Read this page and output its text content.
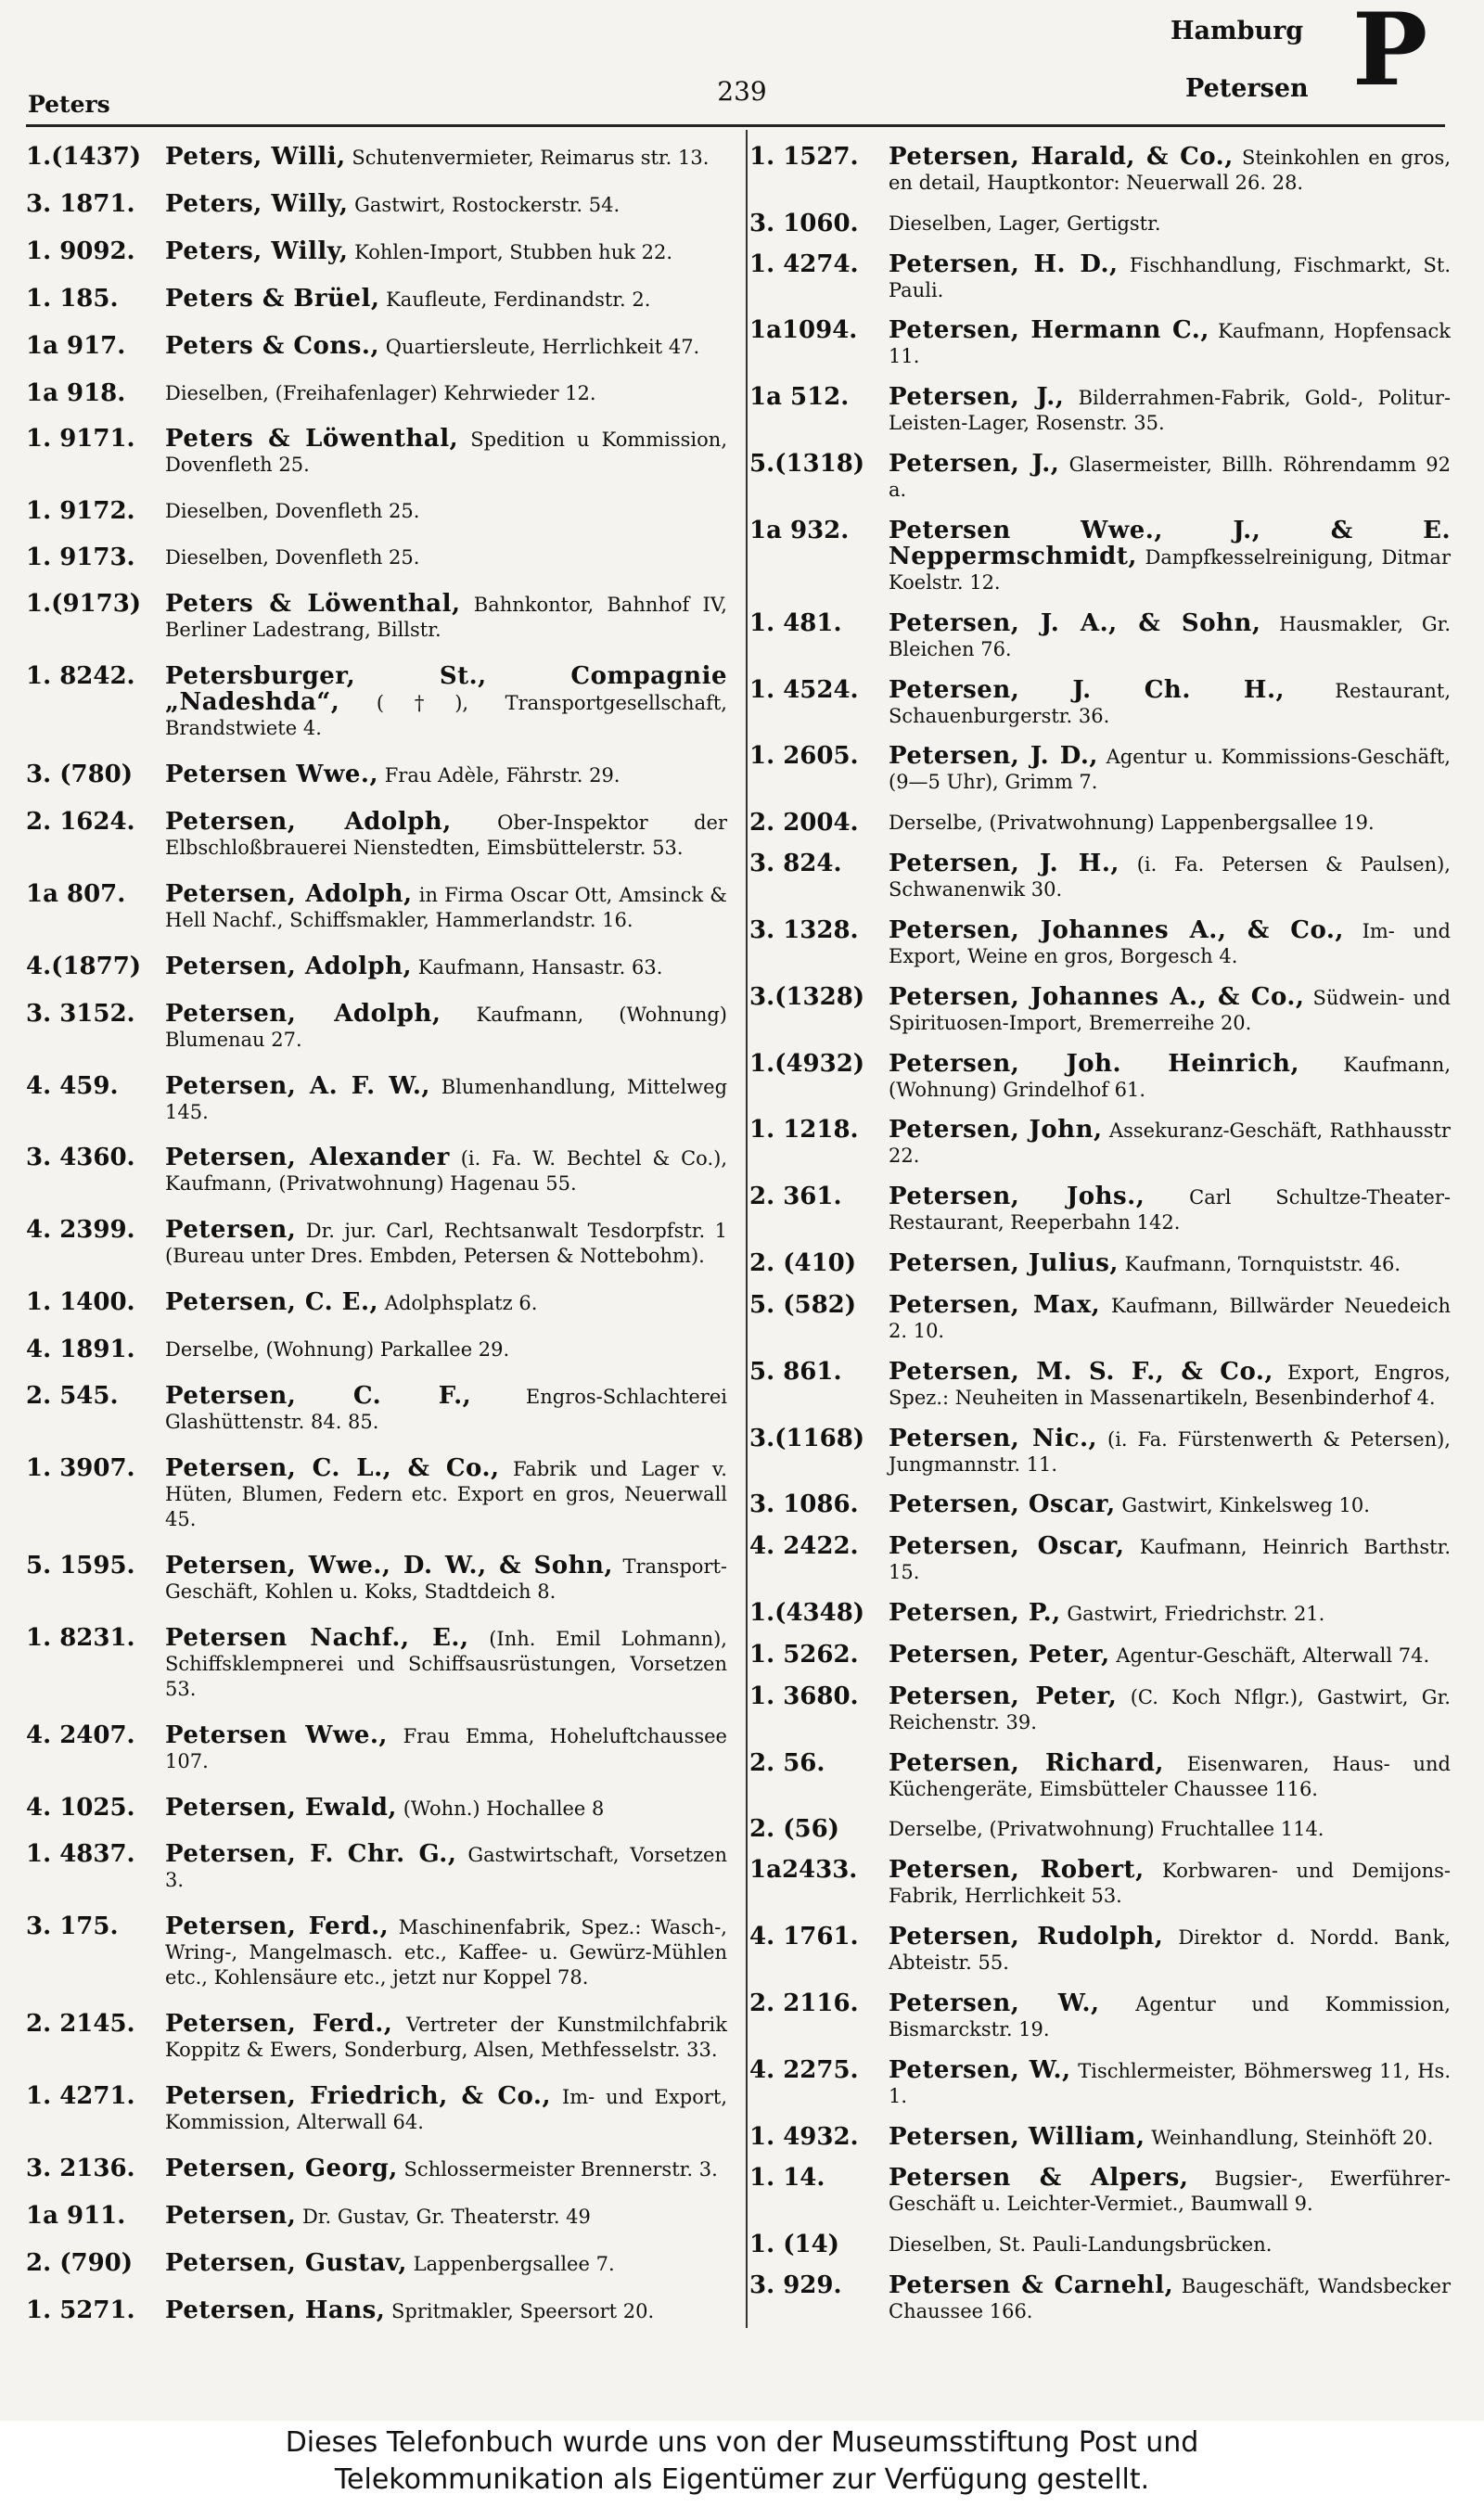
Peters	239
Hamburg
Petersen P
1.(1437) Peters, Willi, Schutenvermieter, Reimarus str. 13.
3. 1871.	Peters, Willy, Gastwirt, Rostockerstr. 54.
1. 9092.	Peters, Willy, Kohlen-Import, Stubben huk 22.
1. 185.	Peters & Brüel, Kaufleute, Ferdinandstr. 2.
1a 917.	Peters & Cons., Quartiersleute, Herrlichkeit 47.
1a 918.	Dieselben, (Freihafenlager) Kehrwieder 12.
1. 9171.	Peters & Löwenthal, Spedition u Kommission, Dovenfleth 25.
1. 9172.	Dieselben, Dovenfleth 25.
1. 9173.	Dieselben, Dovenfleth 25.
1.(9173) Peters & Löwenthal, Bahnkontor, Bahnhof IV, Berliner Ladestrang, Billstr.
1. 8242.	Petersburger, St., Compagnie „Nadeshda“, (†), Transportgesellschaft, Brandstwiete 4.
3. (780)	Petersen Wwe., Frau Adèle, Fährstr. 29.
2. 1624.	Petersen, Adolph, Ober-Inspektor der Elbschloßbrauerei Nienstedten, Eimsbüttelerstr. 53.
1a 807.	Petersen, Adolph, in Firma Oscar Ott, Amsinck & Hell Nachf., Schiffsmakler, Hammerlandstr. 16.
4.(1877) Petersen, Adolph, Kaufmann, Hansastr. 63.
3. 3152.	Petersen, Adolph, Kaufmann, (Wohnung) Blumenau 27.
4. 459.	Petersen, A. F. W., Blumenhandlung, Mittelweg 145.
3. 4360.	Petersen, Alexander (i. Fa. W. Bechtel & Co.), Kaufmann, (Privatwohnung) Hagenau 55.
4. 2399.	Petersen, Dr. jur. Carl, Rechtsanwalt Tesdorpfstr. 1 (Bureau unter Dres. Embden, Petersen & Nottebohm).
1. 1400.	Petersen, C. E., Adolphsplatz 6.
4. 1891.	Derselbe, (Wohnung) Parkallee 29.
2. 545.	Petersen, C. F.,	Engros-Schlachterei Glashüttenstr. 84. 85.
1. 3907.	Petersen, C. L., & Co., Fabrik und Lager v. Hüten, Blumen, Federn etc. Export en gros, Neuerwall 45.
5. 1595.	Petersen, Wwe., D. W., & Sohn, Transport-Geschäft, Kohlen u. Koks, Stadtdeich 8.
1. 8231.	Petersen Nachf., E., (Inh. Emil Lohmann), Schiffsklempnerei und Schiffsausrüstungen, Vorsetzen 53.
4. 2407.	Petersen Wwe., Frau Emma, Hoheluftchaussee 107.
4. 1025.	Petersen, Ewald, (Wohn.) Hochallee 8
1. 4837.	Petersen, F. Chr. G., Gastwirtschaft, Vorsetzen 3.
3. 175.	Petersen, Ferd., Maschinenfabrik, Spez.: Wasch-, Wring-, Mangelmasch. etc., Kaffee- u. Gewürz-Mühlen etc., Kohlensäure etc., jetzt nur Koppel 78.
2. 2145.	Petersen, Ferd., Vertreter der Kunstmilchfabrik Koppitz & Ewers, Sonderburg, Alsen, Methfesselstr. 33.
1. 4271.	Petersen, Friedrich, & Co., Im- und Export, Kommission, Alterwall 64.
3. 2136.	Petersen, Georg, Schlossermeister Brennerstr. 3.
1a 911.	Petersen, Dr. Gustav, Gr. Theaterstr. 49
2. (790)	Petersen, Gustav, Lappenbergsallee 7.
1. 5271.	Petersen, Hans, Spritmakler, Speersort 20.
1. 1527.	Petersen, Harald, & Co., Steinkohlen en gros, en detail, Hauptkontor: Neuerwall 26. 28.
3. 1060.	Dieselben, Lager, Gertigstr.
1. 4274.	Petersen, H. D., Fischhandlung, Fischmarkt, St. Pauli.
1a1094.	Petersen, Hermann C., Kaufmann, Hopfensack 11.
1a 512.	Petersen, J., Bilderrahmen-Fabrik, Gold-, Politur-Leisten-Lager, Rosenstr. 35.
5.(1318) Petersen, J., Glasermeister, Billh. Röhrendamm 92 a.
1a 932.	Petersen Wwe., J., & E. Neppermschmidt, Dampfkesselreinigung, Ditmar Koelstr. 12.
1. 481.	Petersen, J. A., & Sohn, Hausmakler, Gr. Bleichen 76.
1. 4524.	Petersen, J. Ch. H.,	Restaurant, Schauenburgerstr. 36.
1. 2605.	Petersen, J. D., Agentur u. Kommissions-Geschäft, (9—5 Uhr), Grimm 7.
2. 2004.	Derselbe, (Privatwohnung) Lappenbergsallee 19.
3. 824.	Petersen, J. H., (i. Fa. Petersen & Paulsen), Schwanenwik 30.
3. 1328.	Petersen, Johannes A., & Co., Im- und Export, Weine en gros, Borgesch 4.
3.(1328) Petersen, Johannes A., & Co., Südwein- und Spirituosen-Import, Bremerreihe 20.
1.(4932) Petersen, Joh. Heinrich, Kaufmann, (Wohnung) Grindelhof 61.
1. 1218.	Petersen, John, Assekuranz-Geschäft, Rathhausstr 22.
2. 361.	Petersen, Johs., Carl Schultze-Theater-Restaurant, Reeperbahn 142.
2. (410)	Petersen, Julius, Kaufmann, Tornquiststr. 46.
5. (582)	Petersen, Max, Kaufmann, Billwärder Neuedeich 2. 10.
5. 861.	Petersen, M. S. F., & Co., Export, Engros, Spez.: Neuheiten in Massenartikeln, Besenbinderhof 4.
3.(1168) Petersen, Nic., (i. Fa. Fürstenwerth & Petersen), Jungmannstr. 11.
3. 1086.	Petersen, Oscar, Gastwirt, Kinkelsweg 10.
4. 2422.	Petersen, Oscar, Kaufmann, Heinrich Barthstr. 15.
1.(4348) Petersen, P., Gastwirt, Friedrichstr. 21.
1. 5262.	Petersen, Peter, Agentur-Geschäft, Alterwall 74.
1. 3680.	Petersen, Peter, (C. Koch Nflgr.), Gastwirt, Gr. Reichenstr. 39.
2. 56.	Petersen, Richard, Eisenwaren, Haus- und Küchengeräte, Eimsbütteler Chaussee 116.
2. (56)	Derselbe, (Privatwohnung) Fruchtallee 114.
1a2433.	Petersen, Robert, Korbwaren- und Demijons-Fabrik, Herrlichkeit 53.
4. 1761.	Petersen, Rudolph, Direktor d. Nordd. Bank, Abteistr. 55.
2. 2116.	Petersen, W., Agentur und Kommission, Bismarckstr. 19.
4. 2275.	Petersen, W., Tischlermeister, Böhmersweg 11, Hs. 1.
1. 4932.	Petersen, William, Weinhandlung, Steinhöft 20.
1. 14.	Petersen & Alpers, Bugsier-, Ewerführer-Geschäft u. Leichter-Vermiet., Baumwall 9.
1. (14)	Dieselben, St. Pauli-Landungsbrücken.
3. 929.	Petersen & Carnehl, Baugeschäft, Wandsbecker Chaussee 166.
Dieses Telefonbuch wurde uns von der Museumsstiftung Post und
Telekommunikation als Eigentümer zur Verfügung gestellt.
